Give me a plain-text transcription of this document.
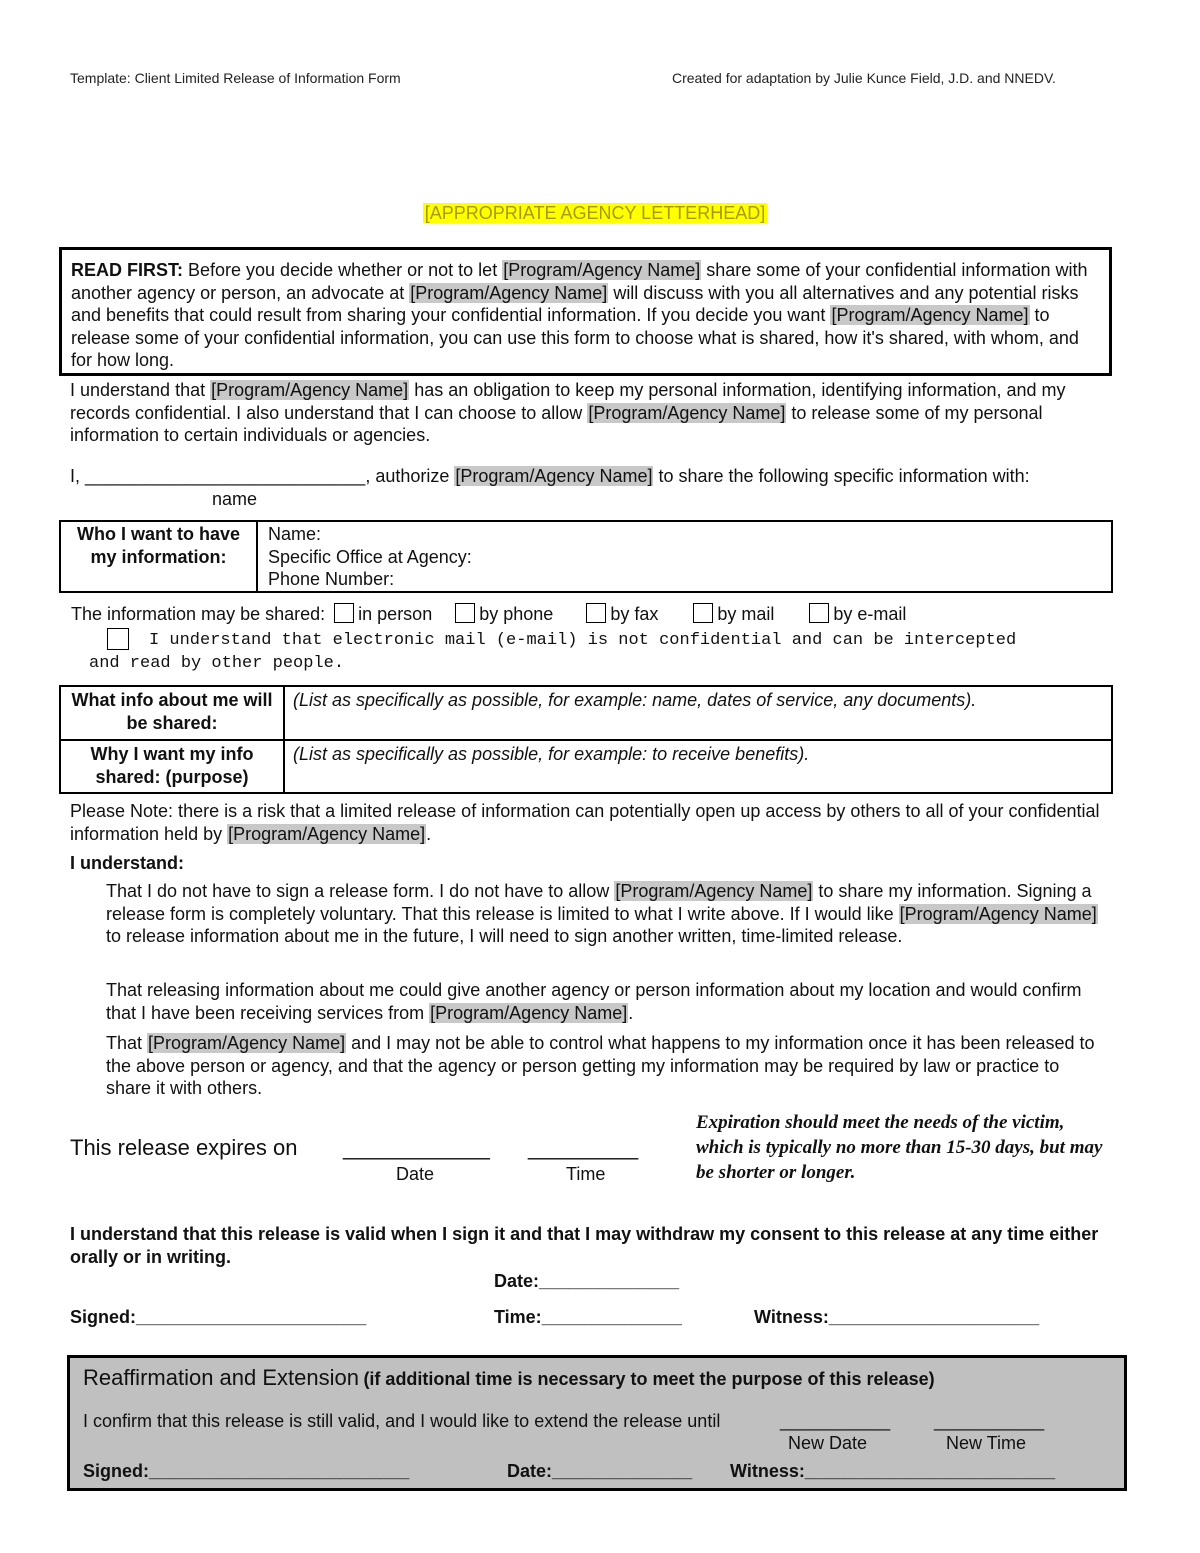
Template: Client Limited Release of Information Form	Created for adaptation by Julie Kunce Field, J.D. and NNEDV.
[APPROPRIATE AGENCY LETTERHEAD]
READ FIRST: Before you decide whether or not to let [Program/Agency Name] share some of your confidential information with another agency or person, an advocate at [Program/Agency Name] will discuss with you all alternatives and any potential risks and benefits that could result from sharing your confidential information. If you decide you want [Program/Agency Name] to release some of your confidential information, you can use this form to choose what is shared, how it's shared, with whom, and for how long.
I understand that [Program/Agency Name] has an obligation to keep my personal information, identifying information, and my records confidential. I also understand that I can choose to allow [Program/Agency Name] to release some of my personal information to certain individuals or agencies.
I, ____________________________, authorize [Program/Agency Name] to share the following specific information with:
name
Who I want to have my information:	
Name:
Specific Office at Agency:
Phone Number:
The information may be shared: in person	by phone	by fax	by mail	by e-mail
I understand that electronic mail (e-mail) is not confidential and can be intercepted and read by other people.
What info about me will be shared:	(List as specifically as possible, for example: name, dates of service, any documents).
Why I want my info shared: (purpose)	(List as specifically as possible, for example: to receive benefits).
Please Note: there is a risk that a limited release of information can potentially open up access by others to all of your confidential information held by [Program/Agency Name].
I understand:
That I do not have to sign a release form. I do not have to allow [Program/Agency Name] to share my information. Signing a release form is completely voluntary. That this release is limited to what I write above. If I would like [Program/Agency Name] to release information about me in the future, I will need to sign another written, time-limited release.
That releasing information about me could give another agency or person information about my location and would confirm that I have been receiving services from [Program/Agency Name].
That [Program/Agency Name] and I may not be able to control what happens to my information once it has been released to the above person or agency, and that the agency or person getting my information may be required by law or practice to share it with others.
This release expires on ____________ _________
Date	Time
Expiration should meet the needs of the victim, which is typically no more than 15-30 days, but may be shorter or longer.
I understand that this release is valid when I sign it and that I may withdraw my consent to this release at any time either orally or in writing.
Date:______________
Signed:_______________________	Time:______________	Witness:_____________________
Reaffirmation and Extension (if additional time is necessary to meet the purpose of this release)
I confirm that this release is still valid, and I would like to extend the release until	___________ ___________
New Date	New Time
Signed:__________________________	Date:______________ Witness:_________________________
